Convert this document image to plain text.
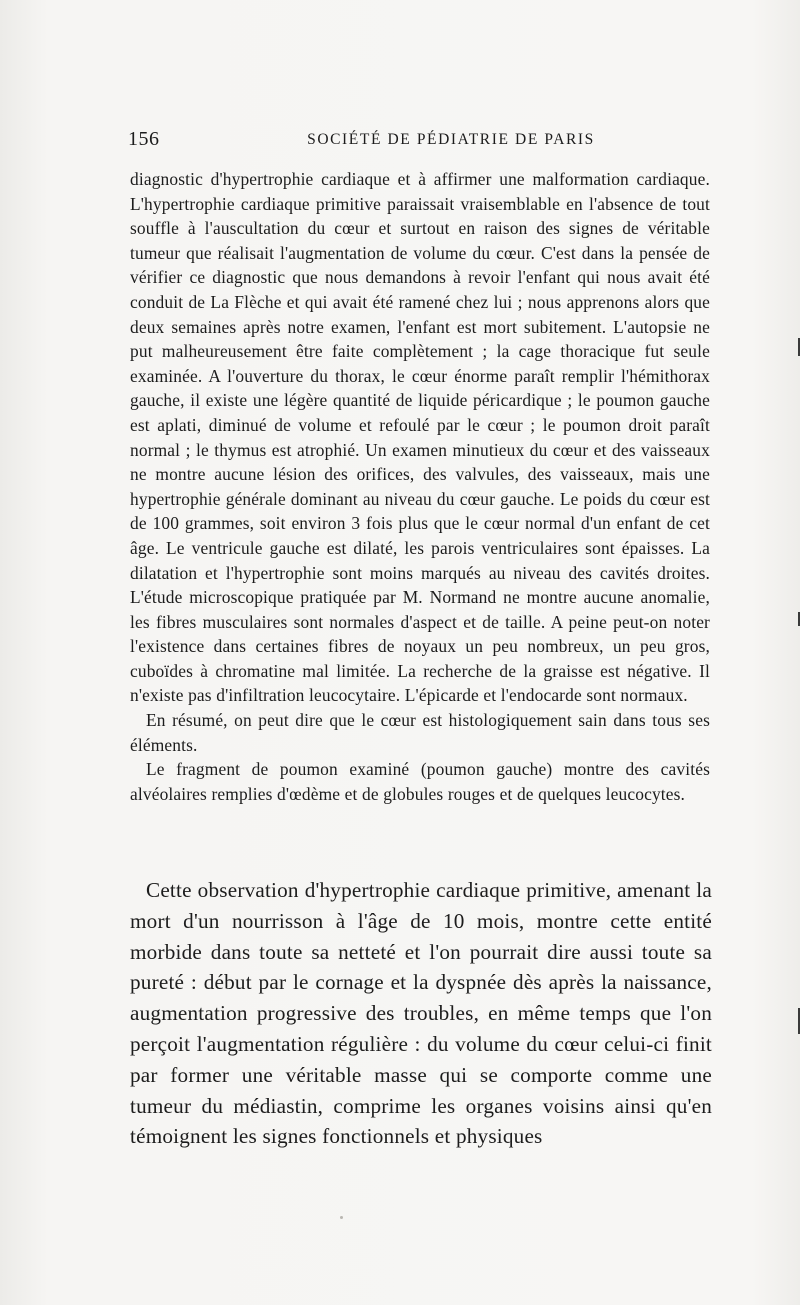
156	SOCIÉTÉ DE PÉDIATRIE DE PARIS

diagnostic d'hypertrophie cardiaque et à affirmer une malformation cardiaque. L'hypertrophie cardiaque primitive paraissait vraisemblable en l'absence de tout souffle à l'auscultation du cœur et surtout en raison des signes de véritable tumeur que réalisait l'augmentation de volume du cœur. C'est dans la pensée de vérifier ce diagnostic que nous demandons à revoir l'enfant qui nous avait été conduit de La Flèche et qui avait été ramené chez lui ; nous apprenons alors que deux semaines après notre examen, l'enfant est mort subitement. L'autopsie ne put malheureusement être faite complètement ; la cage thoracique fut seule examinée. A l'ouverture du thorax, le cœur énorme paraît remplir l'hémithorax gauche, il existe une légère quantité de liquide péricardique ; le poumon gauche est aplati, diminué de volume et refoulé par le cœur ; le poumon droit paraît normal ; le thymus est atrophié. Un examen minutieux du cœur et des vaisseaux ne montre aucune lésion des orifices, des valvules, des vaisseaux, mais une hypertrophie générale dominant au niveau du cœur gauche. Le poids du cœur est de 100 grammes, soit environ 3 fois plus que le cœur normal d'un enfant de cet âge. Le ventricule gauche est dilaté, les parois ventriculaires sont épaisses. La dilatation et l'hypertrophie sont moins marqués au niveau des cavités droites. L'étude microscopique pratiquée par M. Normand ne montre aucune anomalie, les fibres musculaires sont normales d'aspect et de taille. A peine peut-on noter l'existence dans certaines fibres de noyaux un peu nombreux, un peu gros, cuboïdes à chromatine mal limitée. La recherche de la graisse est négative. Il n'existe pas d'infiltration leucocytaire. L'épicarde et l'endocarde sont normaux.

En résumé, on peut dire que le cœur est histologiquement sain dans tous ses éléments.

Le fragment de poumon examiné (poumon gauche) montre des cavités alvéolaires remplies d'œdème et de globules rouges et de quelques leucocytes.

Cette observation d'hypertrophie cardiaque primitive, amenant la mort d'un nourrisson à l'âge de 10 mois, montre cette entité morbide dans toute sa netteté et l'on pourrait dire aussi toute sa pureté : début par le cornage et la dyspnée dès après la naissance, augmentation progressive des troubles, en même temps que l'on perçoit l'augmentation régulière : du volume du cœur celui-ci finit par former une véritable masse qui se comporte comme une tumeur du médiastin, comprime les organes voisins ainsi qu'en témoignent les signes fonctionnels et physiques
